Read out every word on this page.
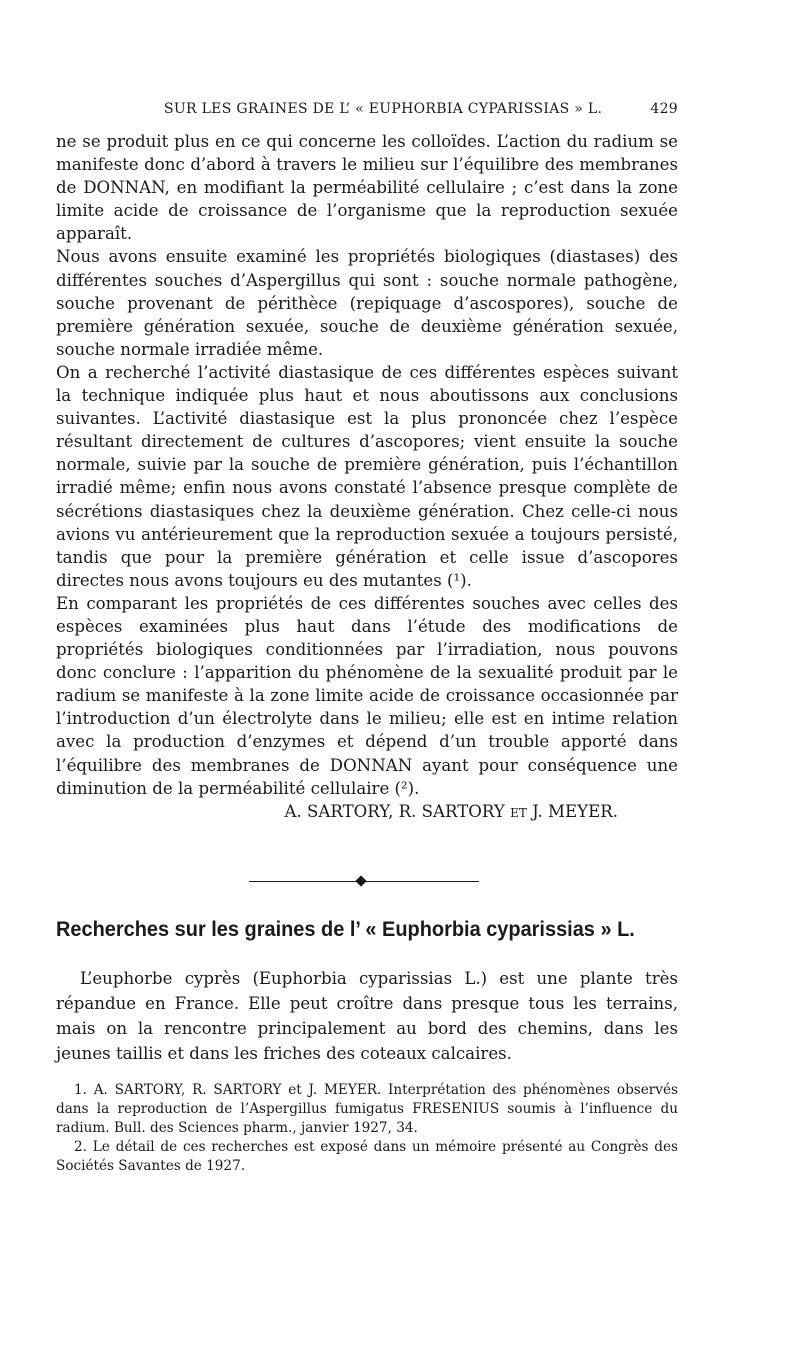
SUR LES GRAINES DE L’ « EUPHORBIA CYPARISSIAS » L.	429

ne se produit plus en ce qui concerne les colloïdes. L’action du radium se manifeste donc d’abord à travers le milieu sur l’équilibre des membranes de DONNAN, en modifiant la perméabilité cellulaire ; c’est dans la zone limite acide de croissance de l’organisme que la reproduction sexuée apparaît.

Nous avons ensuite examiné les propriétés biologiques (diastases) des différentes souches d’Aspergillus qui sont : souche normale pathogène, souche provenant de périthèce (repiquage d’ascospores), souche de première génération sexuée, souche de deuxième génération sexuée, souche normale irradiée même.

On a recherché l’activité diastasique de ces différentes espèces suivant la technique indiquée plus haut et nous aboutissons aux conclusions suivantes. L’activité diastasique est la plus prononcée chez l’espèce résultant directement de cultures d’ascopores; vient ensuite la souche normale, suivie par la souche de première génération, puis l’échantillon irradié même; enfin nous avons constaté l’absence presque complète de sécrétions diastasiques chez la deuxième génération. Chez celle-ci nous avions vu antérieurement que la reproduction sexuée a toujours persisté, tandis que pour la première génération et celle issue d’ascopores directes nous avons toujours eu des mutantes (¹).

En comparant les propriétés de ces différentes souches avec celles des espèces examinées plus haut dans l’étude des modifications de propriétés biologiques conditionnées par l’irradiation, nous pouvons donc conclure : l’apparition du phénomène de la sexualité produit par le radium se manifeste à la zone limite acide de croissance occasionnée par l’introduction d’un électrolyte dans le milieu; elle est en intime relation avec la production d’enzymes et dépend d’un trouble apporté dans l’équilibre des membranes de DONNAN ayant pour conséquence une diminution de la perméabilité cellulaire (²).

A. SARTORY, R. SARTORY et J. MEYER.

Recherches sur les graines de l’ « Euphorbia cyparissias » L.

L’euphorbe cyprès (Euphorbia cyparissias L.) est une plante très répandue en France. Elle peut croître dans presque tous les terrains, mais on la rencontre principalement au bord des chemins, dans les jeunes taillis et dans les friches des coteaux calcaires.

1. A. SARTORY, R. SARTORY et J. MEYER. Interprétation des phénomènes observés dans la reproduction de l’Aspergillus fumigatus FRESENIUS soumis à l’influence du radium. Bull. des Sciences pharm., janvier 1927, 34.

2. Le détail de ces recherches est exposé dans un mémoire présenté au Congrès des Sociétés Savantes de 1927.
